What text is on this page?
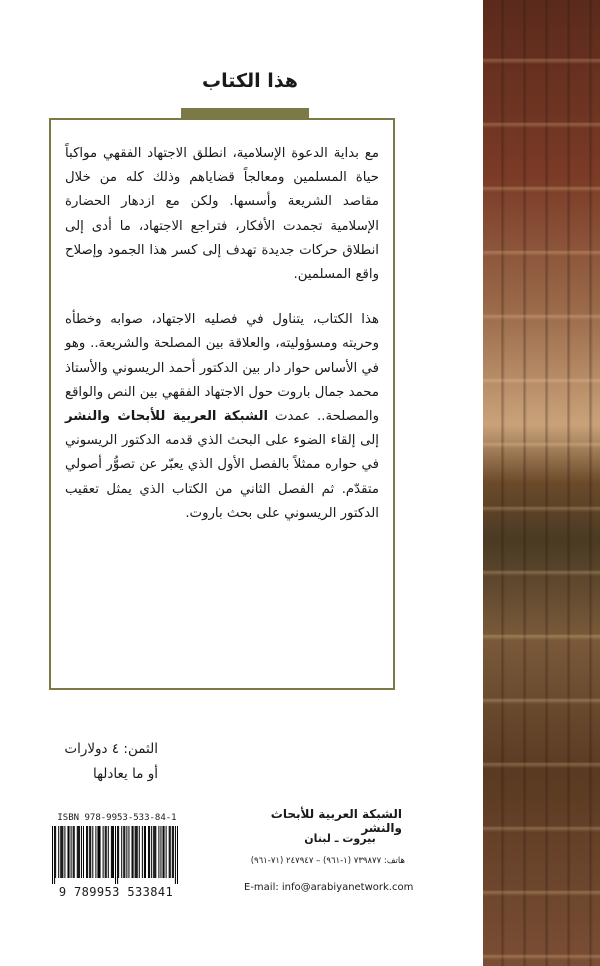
هذا الكتاب

مع بداية الدعوة الإسلامية، انطلق الاجتهاد الفقهي مواكباً حياة المسلمين ومعالجاً قضاياهم وذلك كله من خلال مقاصد الشريعة وأسسها. ولكن مع ازدهار الحضارة الإسلامية تجمدت الأفكار، فتراجع الاجتهاد، ما أدى إلى انطلاق حركات جديدة تهدف إلى كسر هذا الجمود وإصلاح واقع المسلمين.

هذا الكتاب، يتناول في فصليه الاجتهاد، صوابه وخطأه وحريته ومسؤوليته، والعلاقة بين المصلحة والشريعة.. وهو في الأساس حوار دار بين الدكتور أحمد الريسوني والأستاذ محمد جمال باروت حول الاجتهاد الفقهي بين النص والواقع والمصلحة.. عمدت الشبكة العربية للأبحاث والنشر إلى إلقاء الضوء على البحث الذي قدمه الدكتور الريسوني في حواره ممثلاً بالفصل الأول الذي يعبّر عن تصوُّر أصولي متقدّم. ثم الفصل الثاني من الكتاب الذي يمثل تعقيب الدكتور الريسوني على بحث باروت.

الثمن: ٤ دولارات
أو ما يعادلها
الشبكة العربية للأبحاث والنشر
بيروت ـ لبنان
هاتف: ٧٣٩٨٧٧ (١-٩٦١) – ٢٤٧٩٤٧ (٧١-٩٦١)
E-mail: info@arabiyanetwork.com
ISBN 978-9953-533-84-1
9 789953 533841
